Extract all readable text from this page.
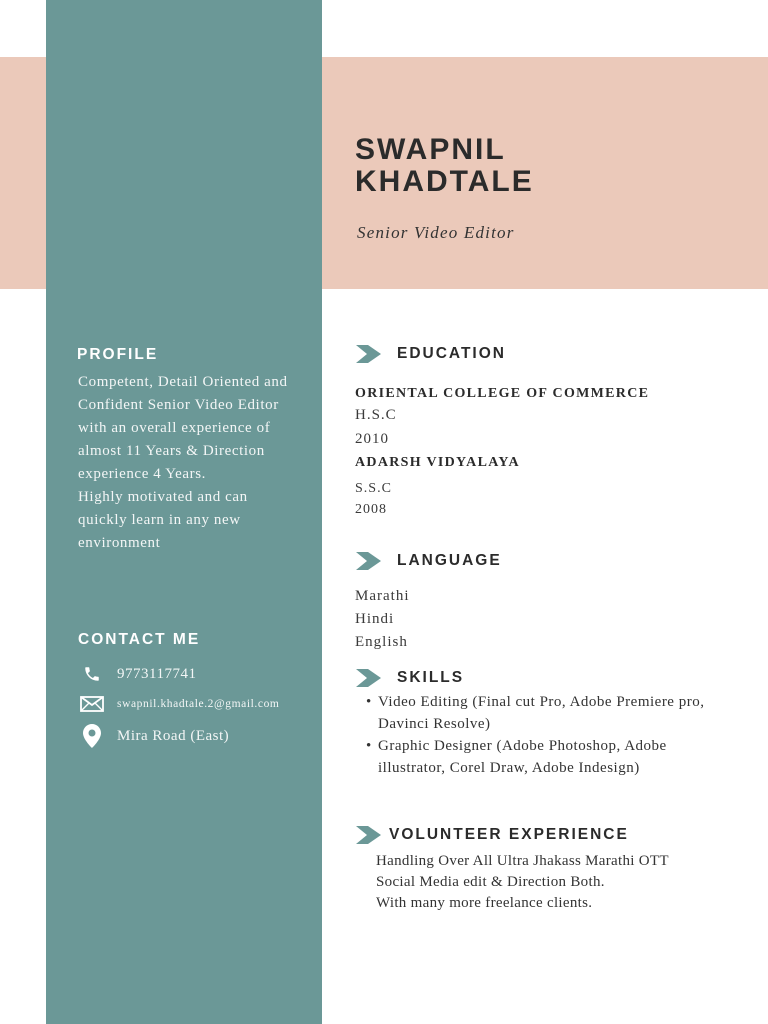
SWAPNIL
KHADTALE
Senior Video Editor
PROFILE

Competent, Detail Oriented and Confident Senior Video Editor with an overall experience of almost 11 Years & Direction experience 4 Years.

Highly motivated and can quickly learn in any new environment

CONTACT ME
9773117741
swapnil.khadtale.2@gmail.com
Mira Road (East)
EDUCATION
ORIENTAL COLLEGE OF COMMERCE
H.S.C
2010
ADARSH VIDYALAYA
S.S.C
2008
LANGUAGE
Marathi
Hindi
English
SKILLS
• Video Editing (Final cut Pro, Adobe Premiere pro, Davinci Resolve)
• Graphic Designer (Adobe Photoshop, Adobe illustrator, Corel Draw, Adobe Indesign)
VOLUNTEER EXPERIENCE
Handling Over All Ultra Jhakass Marathi OTT
Social Media edit & Direction Both.
With many more freelance clients.
